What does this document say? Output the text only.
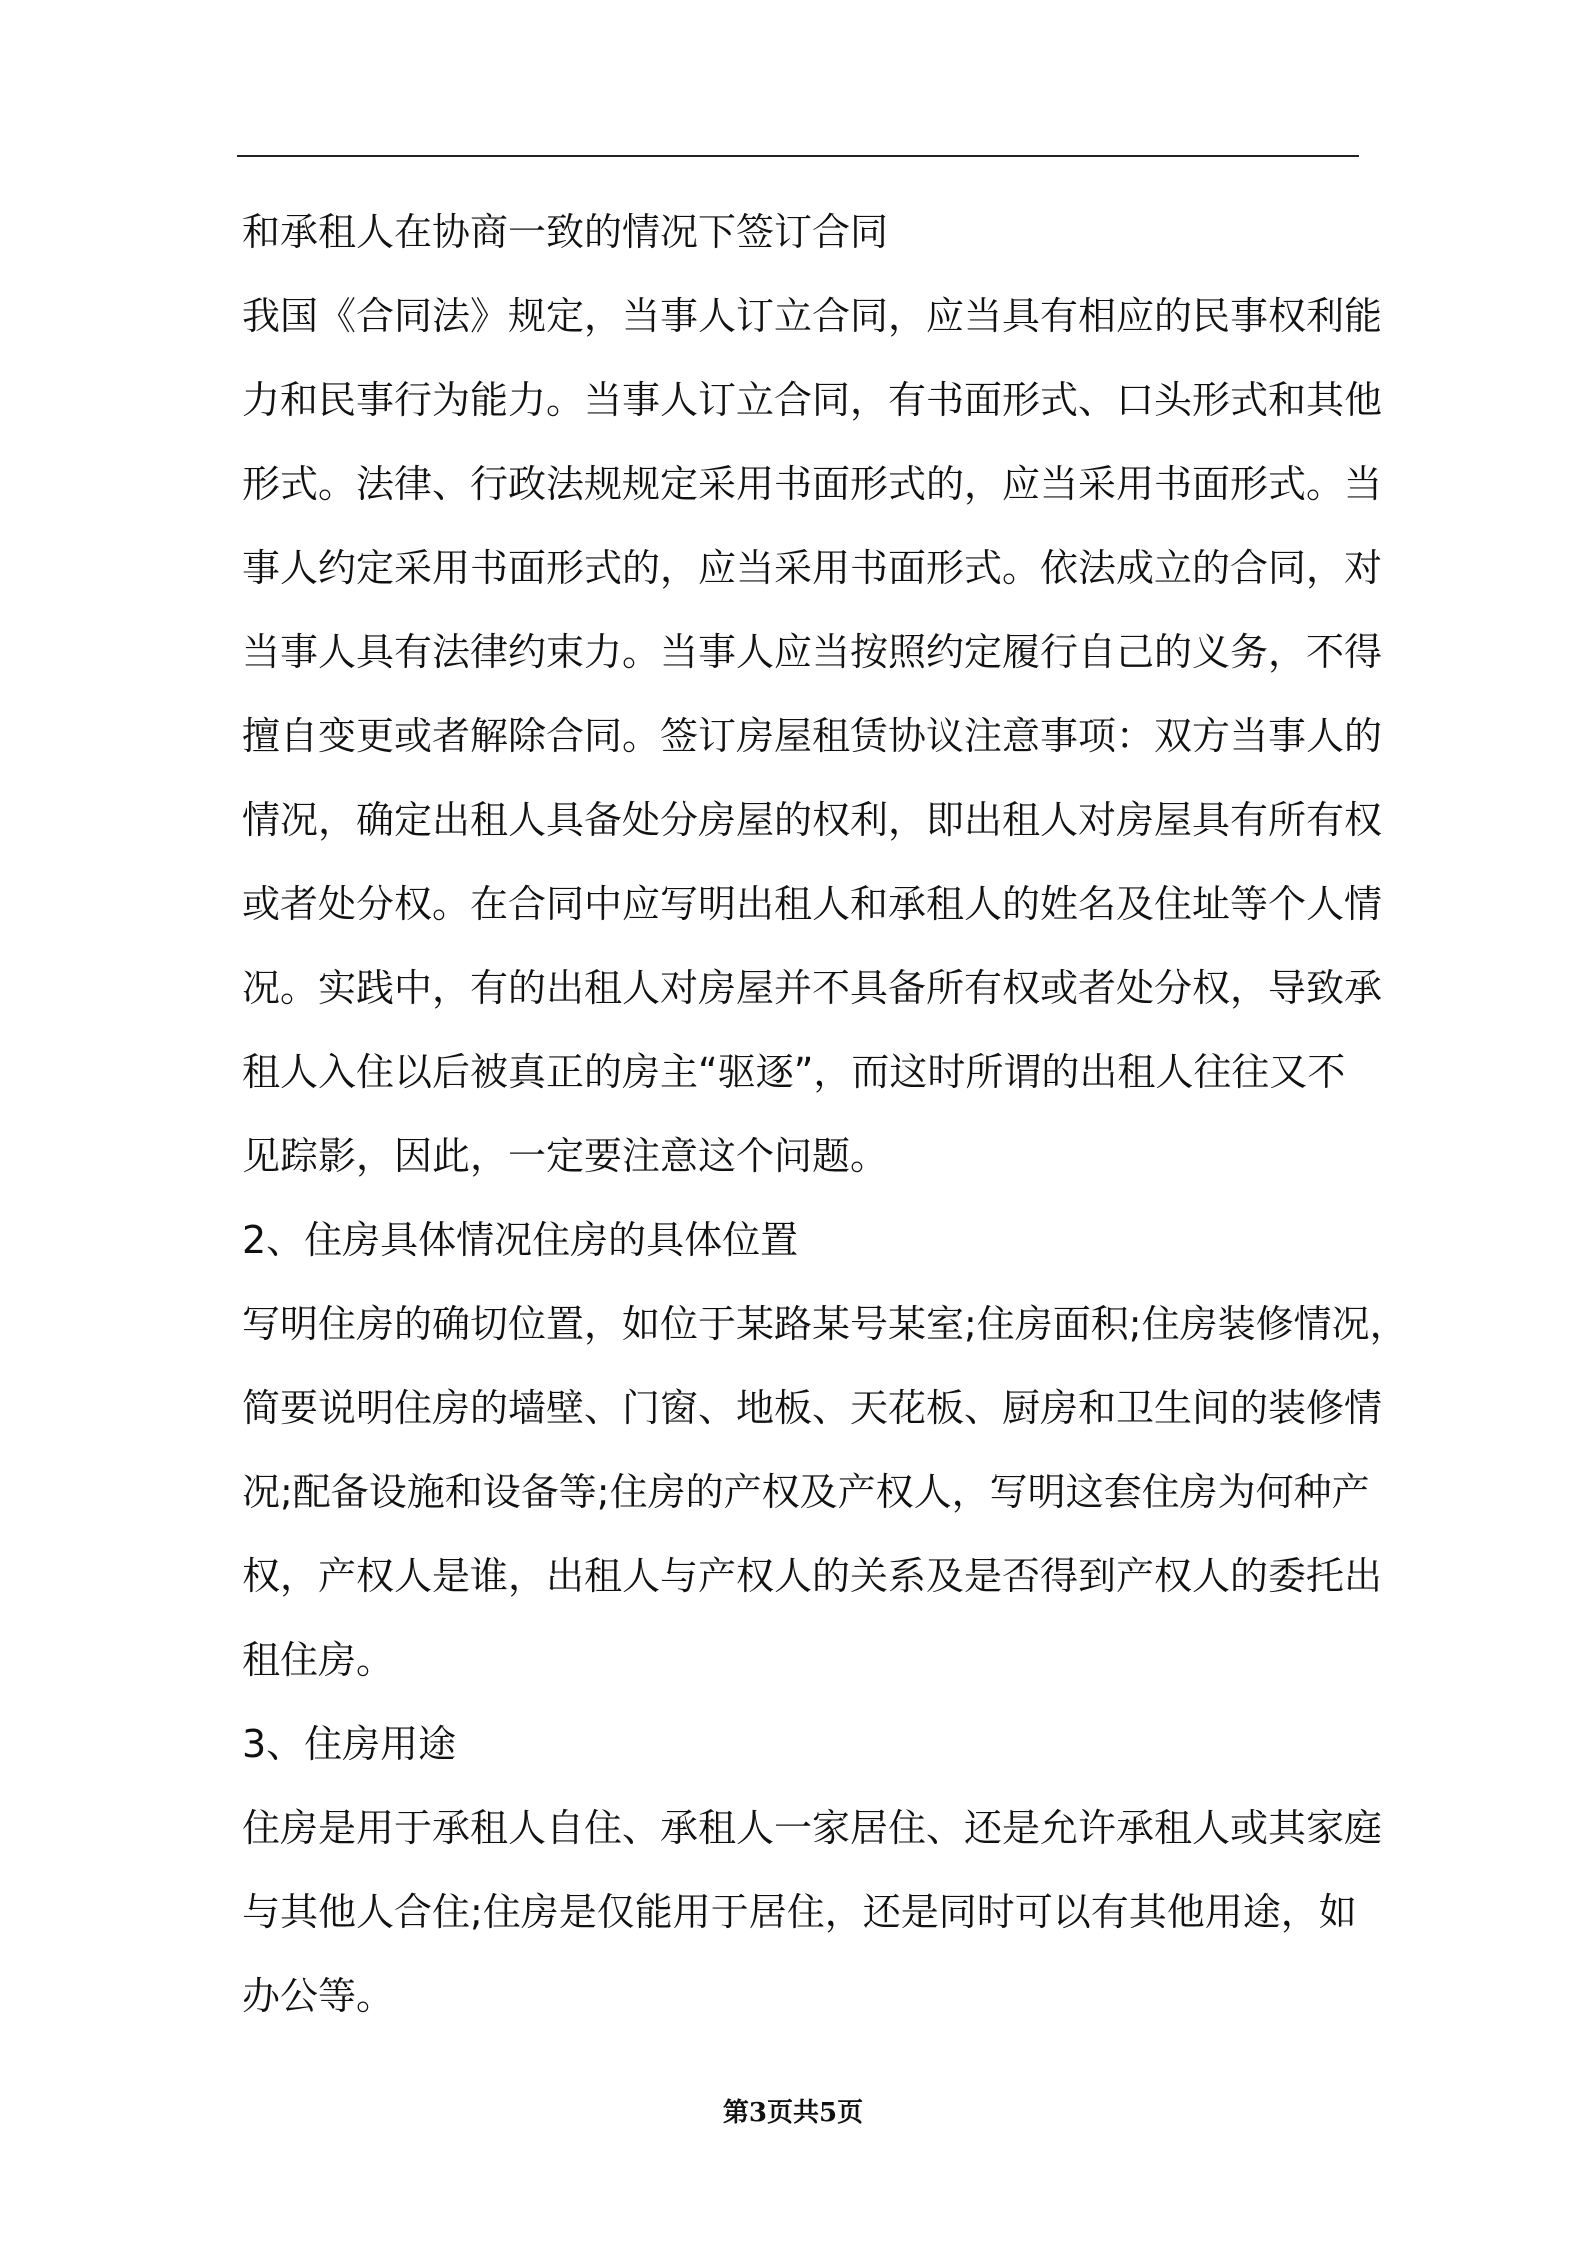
和承租人在协商一致的情况下签订合同
我国《合同法》规定，当事人订立合同，应当具有相应的民事权利能
力和民事行为能力。当事人订立合同，有书面形式、口头形式和其他
形式。法律、行政法规规定采用书面形式的，应当采用书面形式。当
事人约定采用书面形式的，应当采用书面形式。依法成立的合同，对
当事人具有法律约束力。当事人应当按照约定履行自己的义务，不得
擅自变更或者解除合同。签订房屋租赁协议注意事项：双方当事人的
情况，确定出租人具备处分房屋的权利，即出租人对房屋具有所有权
或者处分权。在合同中应写明出租人和承租人的姓名及住址等个人情
况。实践中，有的出租人对房屋并不具备所有权或者处分权，导致承
租人入住以后被真正的房主“驱逐”，而这时所谓的出租人往往又不
见踪影，因此，一定要注意这个问题。
2、住房具体情况住房的具体位置
写明住房的确切位置，如位于某路某号某室;住房面积;住房装修情况，
简要说明住房的墙壁、门窗、地板、天花板、厨房和卫生间的装修情
况;配备设施和设备等;住房的产权及产权人，写明这套住房为何种产
权，产权人是谁，出租人与产权人的关系及是否得到产权人的委托出
租住房。
3、住房用途
住房是用于承租人自住、承租人一家居住、还是允许承租人或其家庭
与其他人合住;住房是仅能用于居住，还是同时可以有其他用途，如
办公等。
第3页共5页
